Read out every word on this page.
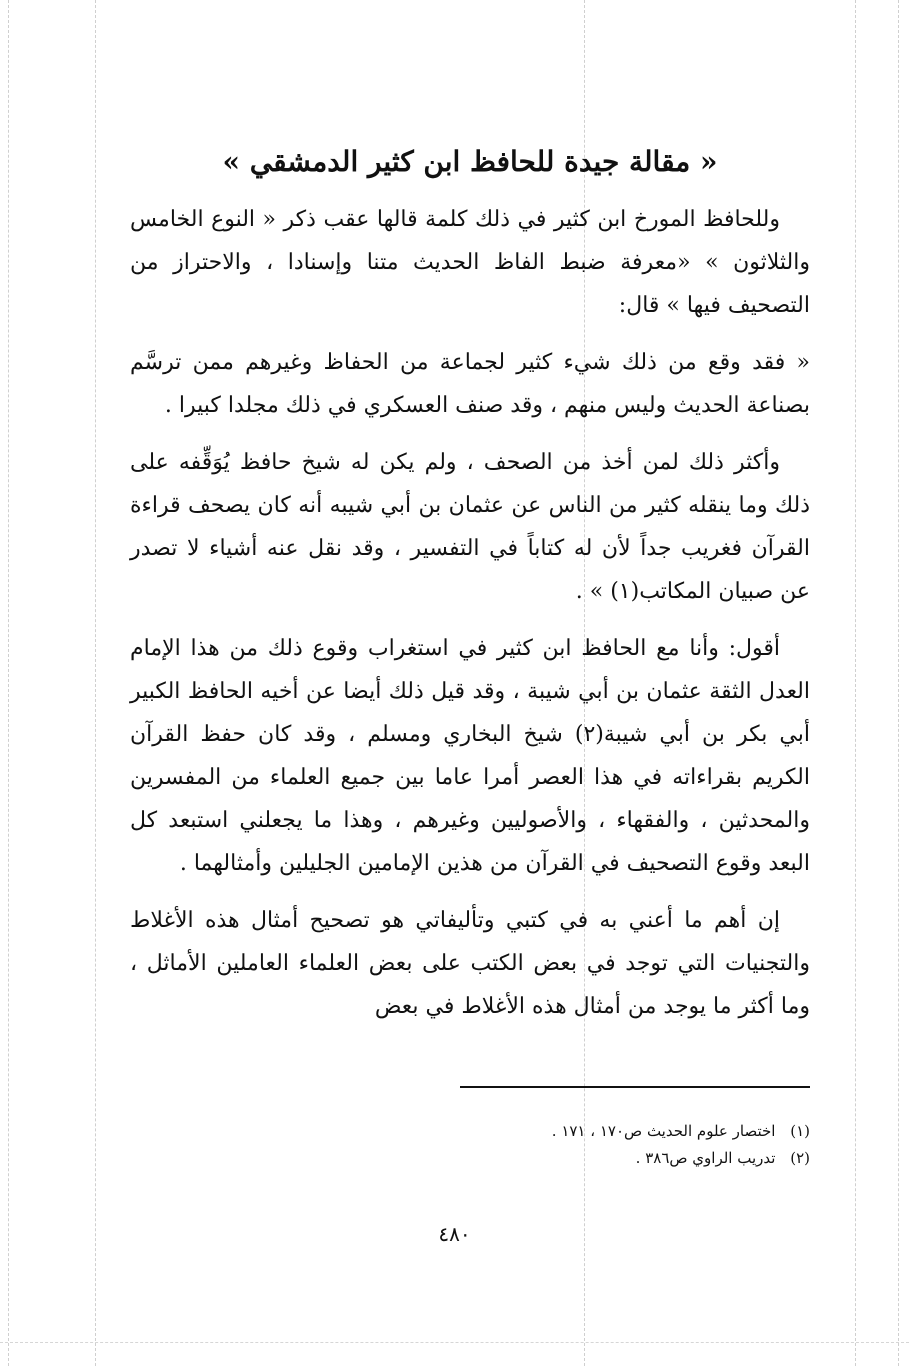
« مقالة جيدة للحافظ ابن كثير الدمشقي »

وللحافظ المورخ ابن كثير في ذلك كلمة قالها عقب ذكر « النوع الخامس والثلاثون » «معرفة ضبط الفاظ الحديث متنا وإسنادا ، والاحتراز من التصحيف فيها » قال:

« فقد وقع من ذلك شيء كثير لجماعة من الحفاظ وغيرهم ممن ترسَّم بصناعة الحديث وليس منهم ، وقد صنف العسكري في ذلك مجلدا كبيرا .

وأكثر ذلك لمن أخذ من الصحف ، ولم يكن له شيخ حافظ يُوَقِّفه على ذلك وما ينقله كثير من الناس عن عثمان بن أبي شيبه أنه كان يصحف قراءة القرآن فغريب جداً لأن له كتاباً في التفسير ، وقد نقل عنه أشياء لا تصدر عن صبيان المكاتب(١) » .

أقول: وأنا مع الحافظ ابن كثير في استغراب وقوع ذلك من هذا الإمام العدل الثقة عثمان بن أبي شيبة ، وقد قيل ذلك أيضا عن أخيه الحافظ الكبير أبي بكر بن أبي شيبة(٢) شيخ البخاري ومسلم ، وقد كان حفظ القرآن الكريم بقراءاته في هذا العصر أمرا عاما بين جميع العلماء من المفسرين والمحدثين ، والفقهاء ، والأصوليين وغيرهم ، وهذا ما يجعلني استبعد كل البعد وقوع التصحيف في القرآن من هذين الإمامين الجليلين وأمثالهما .

إن أهم ما أعني به في كتبي وتأليفاتي هو تصحيح أمثال هذه الأغلاط والتجنيات التي توجد في بعض الكتب على بعض العلماء العاملين الأماثل ، وما أكثر ما يوجد من أمثال هذه الأغلاط في بعض

(١) اختصار علوم الحديث ص١٧٠ ، ١٧١ .

(٢) تدريب الراوي ص٣٨٦ .

٤٨٠
